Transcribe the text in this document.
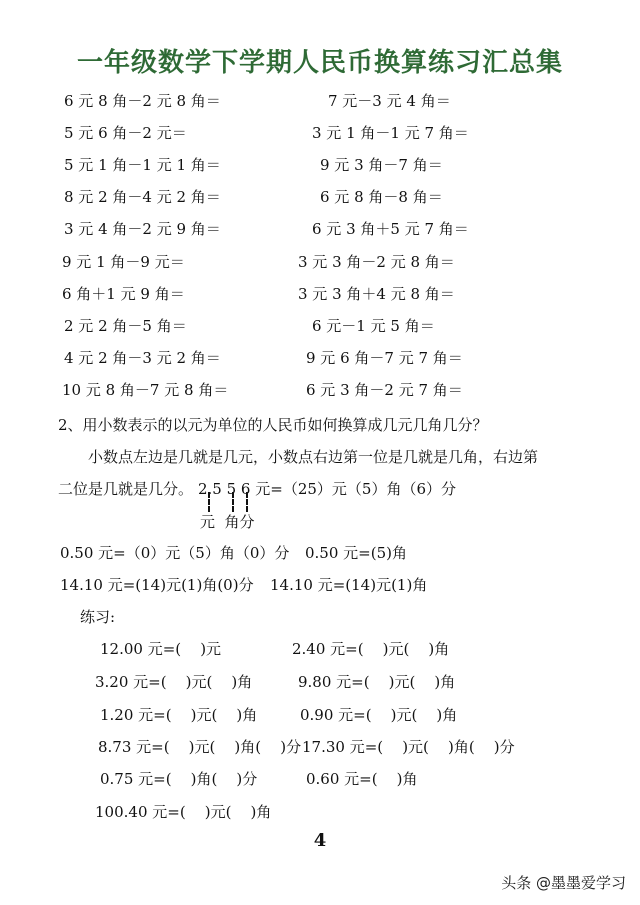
一年级数学下学期人民币换算练习汇总集
6 元 8 角－2 元 8 角＝	7 元－3 元 4 角＝
5 元 6 角－2 元＝	3 元 1 角－1 元 7 角＝
5 元 1 角－1 元 1 角＝	9 元 3 角－7 角＝
8 元 2 角－4 元 2 角＝	6 元 8 角－8 角＝
3 元 4 角－2 元 9 角＝	6 元 3 角＋5 元 7 角＝
9 元 1 角－9 元＝	3 元 3 角－2 元 8 角＝
6 角＋1 元 9 角＝	3 元 3 角＋4 元 8 角＝
2 元 2 角－5 角＝	6 元－1 元 5 角＝
4 元 2 角－3 元 2 角＝	9 元 6 角－7 元 7 角＝
10 元 8 角－7 元 8 角＝	6 元 3 角－2 元 7 角＝
2、用小数表示的以元为单位的人民币如何换算成几元几角几分？
小数点左边是几就是几元，小数点右边第一位是几就是几角，右边第
二位是几就是几分。 2.5 5 6 元=（25）元（5）角（6）分
元  角分
0.50 元=（0）元（5）角（0）分 0.50 元=(5)角
14.10 元=(14)元(1)角(0)分 14.10 元=(14)元(1)角
练习:
12.00 元=(    )元	2.40 元=(    )元(    )角
3.20 元=(    )元(    )角	9.80 元=(    )元(    )角
1.20 元=(    )元(    )角	0.90 元=(    )元(    )角
8.73 元=(    )元(    )角(    )分 17.30 元=(    )元(    )角(    )分
0.75 元=(    )角(    )分	0.60 元=(    )角
100.40 元=(    )元(    )角
4
头条 @墨墨爱学习
